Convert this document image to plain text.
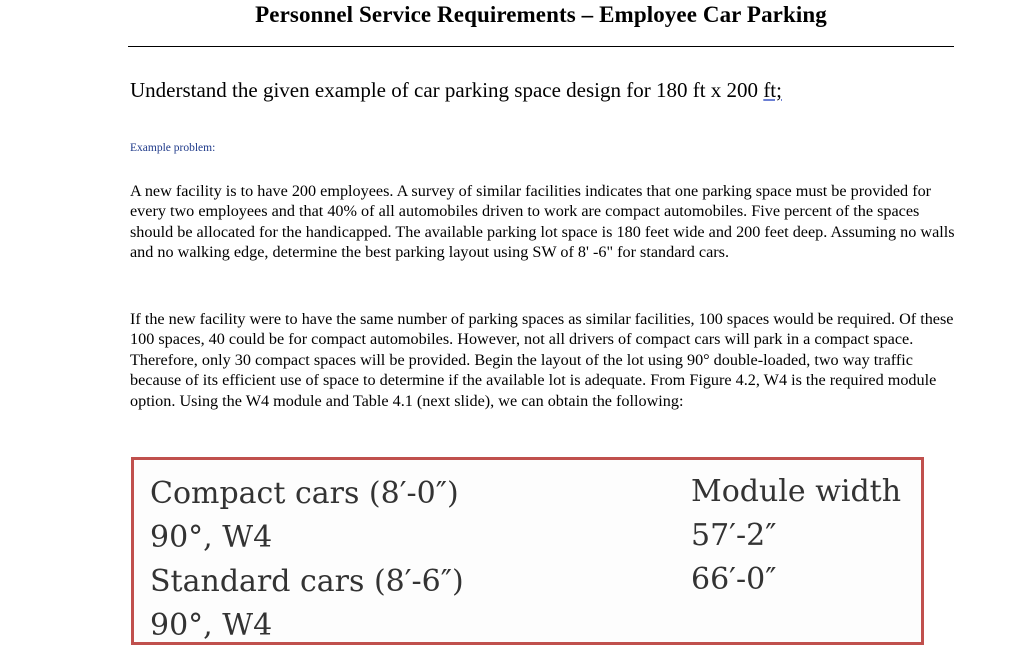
Personnel Service Requirements – Employee Car Parking

Understand the given example of car parking space design for 180 ft x 200 ft;

Example problem:

A new facility is to have 200 employees. A survey of similar facilities indicates that one parking space must be provided for every two employees and that 40% of all automobiles driven to work are compact automobiles. Five percent of the spaces should be allocated for the handicapped. The available parking lot space is 180 feet wide and 200 feet deep. Assuming no walls and no walking edge, determine the best parking layout using SW of 8' -6" for standard cars.

If the new facility were to have the same number of parking spaces as similar facilities, 100 spaces would be required. Of these 100 spaces, 40 could be for compact automobiles. However, not all drivers of compact cars will park in a compact space. Therefore, only 30 compact spaces will be provided. Begin the layout of the lot using 90° double-loaded, two way traffic because of its efficient use of space to determine if the available lot is adequate. From Figure 4.2, W4 is the required module option. Using the W4 module and Table 4.1 (next slide), we can obtain the following:

Compact cars (8′-0″)
90°, W4
Standard cars (8′-6″)
90°, W4
Module width
57′-2″
66′-0″
